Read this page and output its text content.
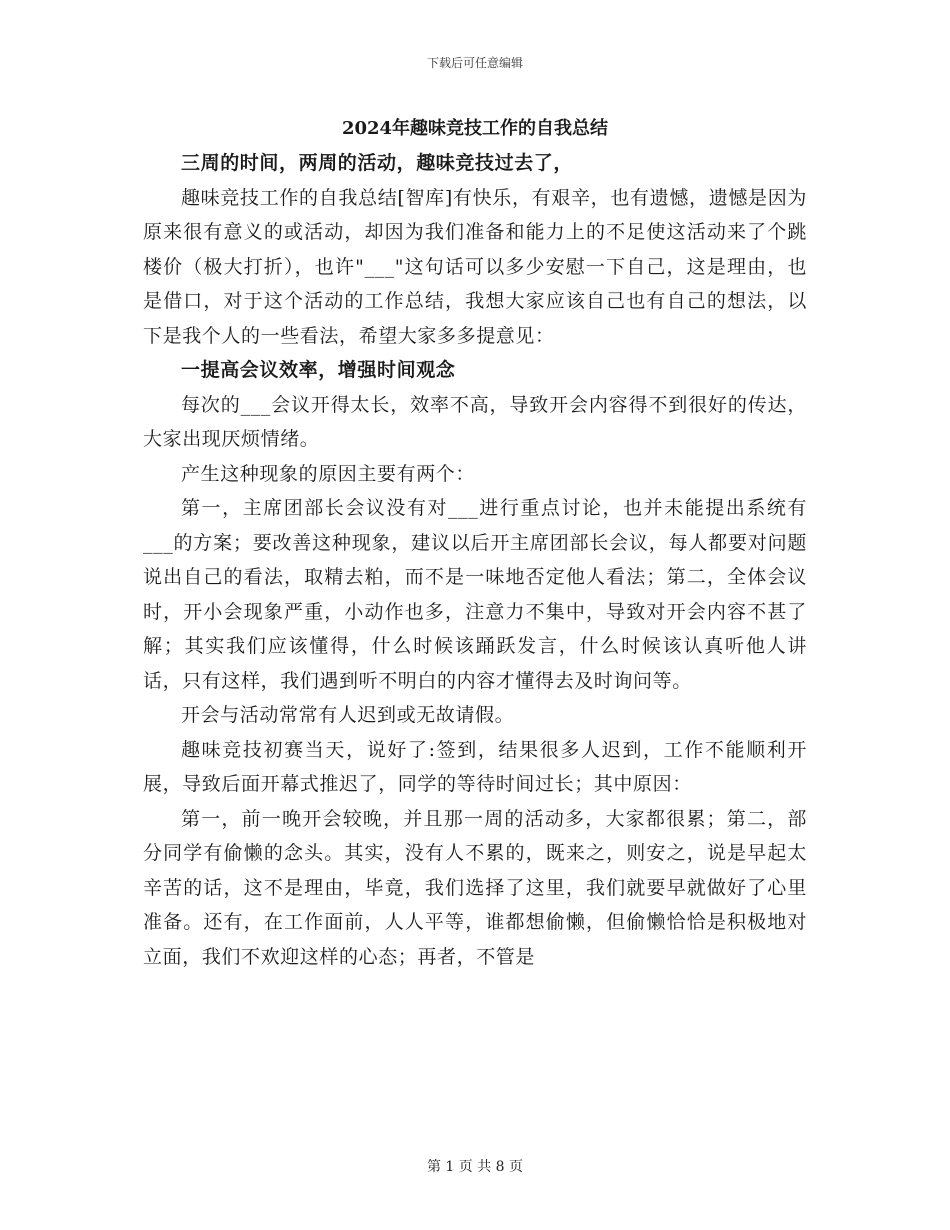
下载后可任意编辑
2024年趣味竞技工作的自我总结

三周的时间，两周的活动，趣味竞技过去了，

趣味竞技工作的自我总结[智库]有快乐，有艰辛，也有遗憾，遗憾是因为原来很有意义的或活动，却因为我们准备和能力上的不足使这活动来了个跳楼价（极大打折），也许"___"这句话可以多少安慰一下自己，这是理由，也是借口，对于这个活动的工作总结，我想大家应该自己也有自己的想法，以下是我个人的一些看法，希望大家多多提意见：

一提高会议效率，增强时间观念

每次的___会议开得太长，效率不高，导致开会内容得不到很好的传达，大家出现厌烦情绪。

产生这种现象的原因主要有两个：

第一，主席团部长会议没有对___进行重点讨论，也并未能提出系统有___的方案；要改善这种现象，建议以后开主席团部长会议，每人都要对问题说出自己的看法，取精去粕，而不是一味地否定他人看法；第二，全体会议时，开小会现象严重，小动作也多，注意力不集中，导致对开会内容不甚了解；其实我们应该懂得，什么时候该踊跃发言，什么时候该认真听他人讲话，只有这样，我们遇到听不明白的内容才懂得去及时询问等。

开会与活动常常有人迟到或无故请假。

趣味竞技初赛当天，说好了:签到，结果很多人迟到，工作不能顺利开展，导致后面开幕式推迟了，同学的等待时间过长；其中原因：

第一，前一晚开会较晚，并且那一周的活动多，大家都很累；第二，部分同学有偷懒的念头。其实，没有人不累的，既来之，则安之，说是早起太辛苦的话，这不是理由，毕竟，我们选择了这里，我们就要早就做好了心里准备。还有，在工作面前，人人平等，谁都想偷懒，但偷懒恰恰是积极地对立面，我们不欢迎这样的心态；再者，不管是

第 1 页 共 8 页
